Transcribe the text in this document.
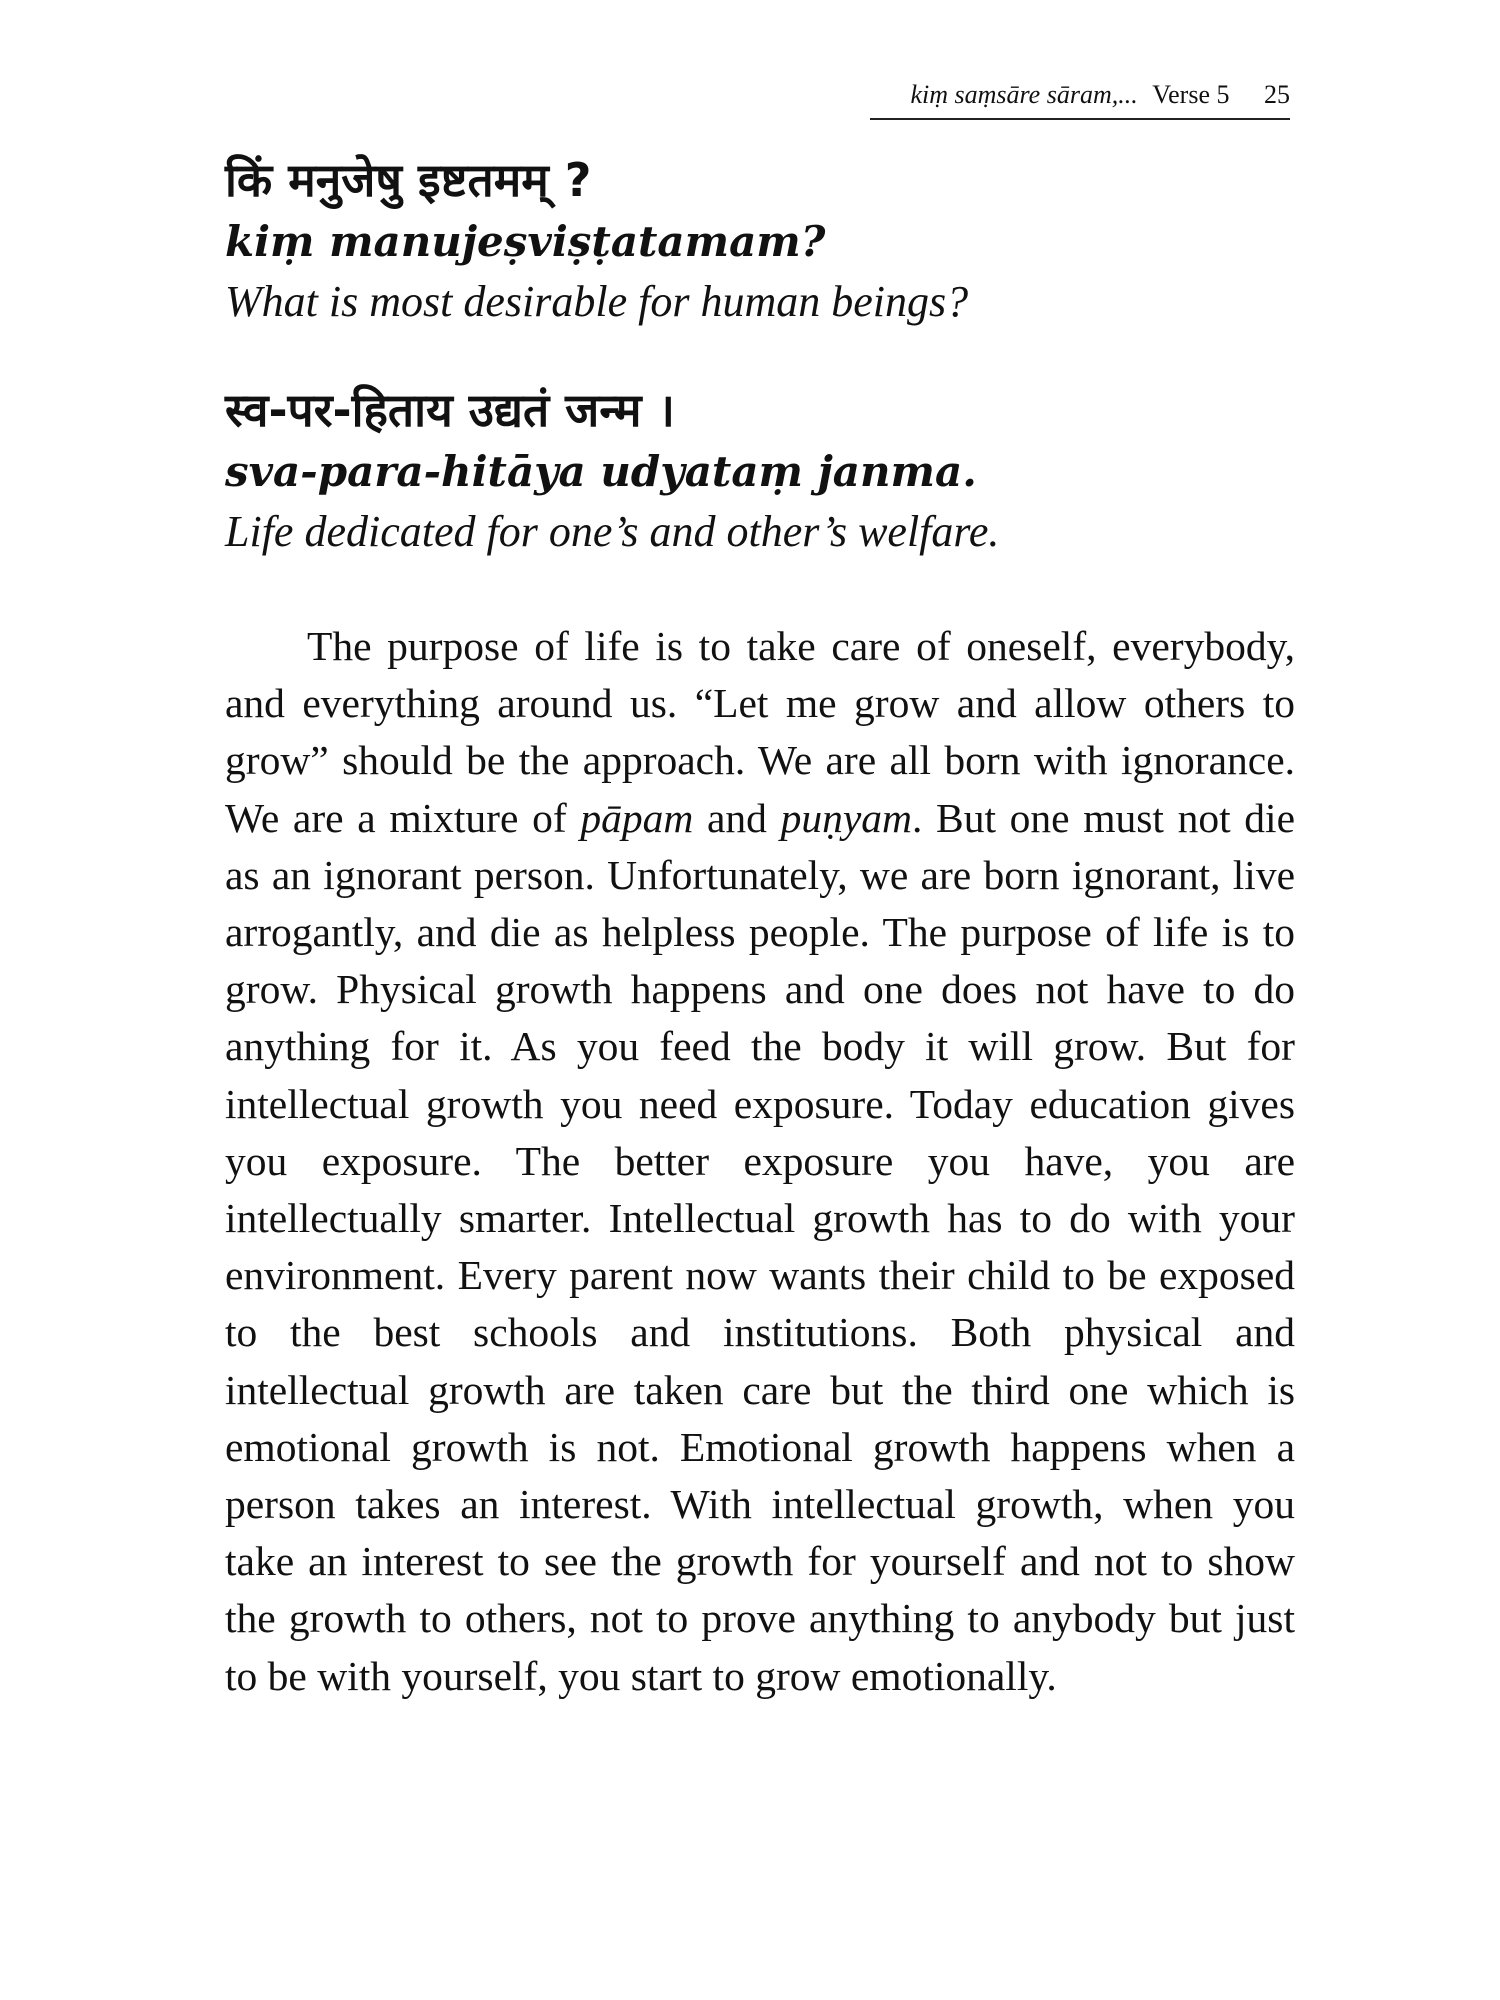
kiṃ saṃsāre sāram,... Verse 5 25
किं मनुजेषु इष्टतमम् ?
kiṃ manujeṣviṣṭatamam?
What is most desirable for human beings?
स्व-पर-हिताय उद्यतं जन्म ।
sva-para-hitāya udyataṃ janma.
Life dedicated for one’s and other’s welfare.

The purpose of life is to take care of oneself, everybody, and everything around us. “Let me grow and allow others to grow” should be the approach. We are all born with ignorance. We are a mixture of pāpam and puṇyam. But one must not die as an ignorant person. Unfortunately, we are born ignorant, live arrogantly, and die as helpless people. The purpose of life is to grow. Physical growth happens and one does not have to do anything for it. As you feed the body it will grow. But for intellectual growth you need exposure. Today education gives you exposure. The better exposure you have, you are intellectually smarter. Intellectual growth has to do with your environment. Every parent now wants their child to be exposed to the best schools and institutions. Both physical and intellectual growth are taken care but the third one which is emotional growth is not. Emotional growth happens when a person takes an interest. With intellectual growth, when you take an interest to see the growth for yourself and not to show the growth to others, not to prove anything to anybody but just to be with yourself, you start to grow emotionally.
